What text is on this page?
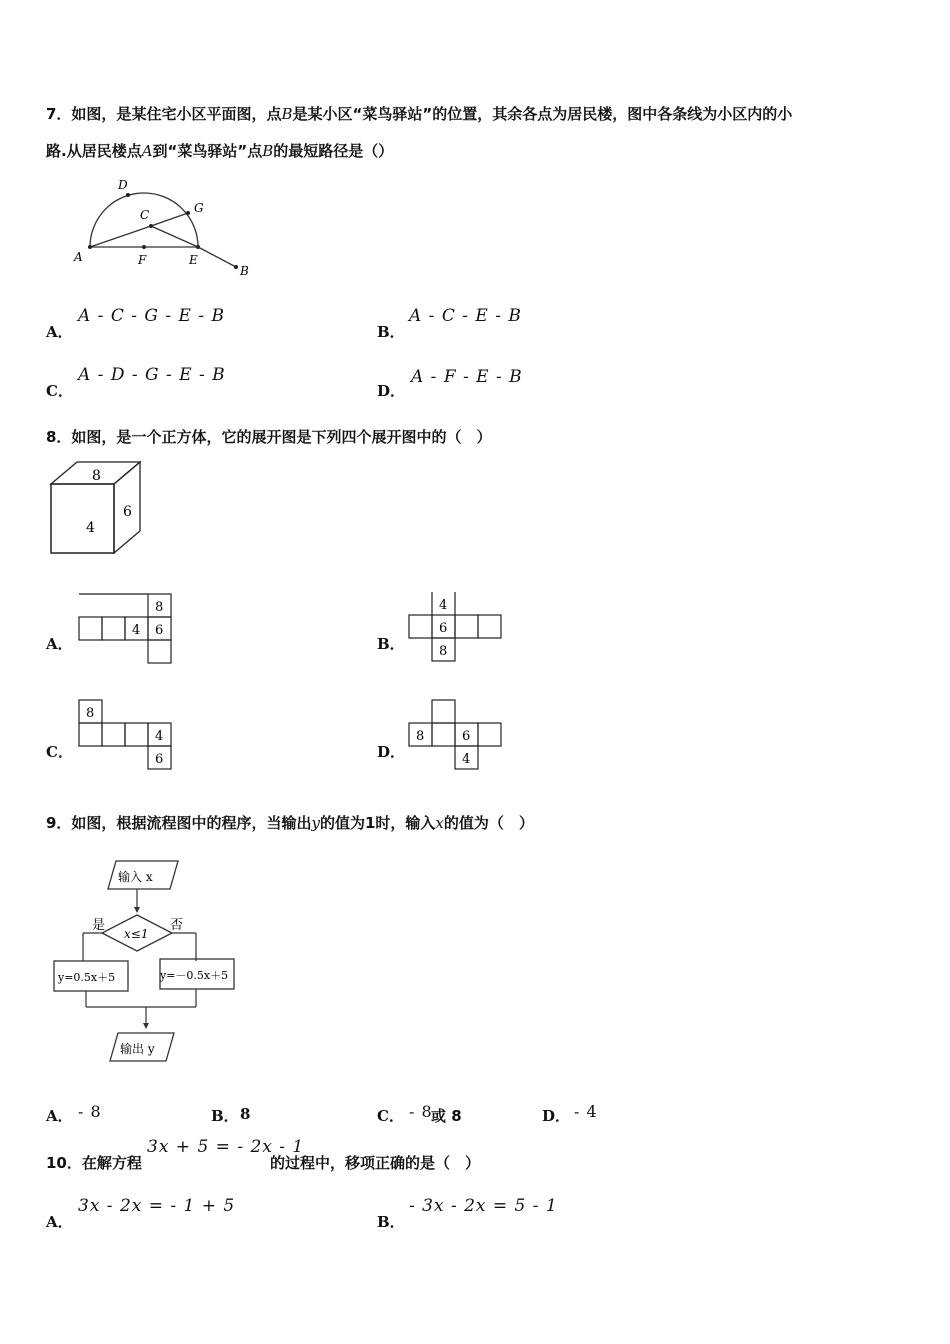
7．如图，是某住宅小区平面图，点B是某小区“菜鸟驿站”的位置，其余各点为居民楼，图中各条线为小区内的小
路.从居民楼点A到“菜鸟驿站”点B的最短路径是（）
D
C	G
A	F	E
B
A．
A - C - G - E - B
B．
A - C - E - B
C．
A - D - G - E - B
D．
A - F - E - B
8．如图，是一个正方体，它的展开图是下列四个展开图中的（　）
8
4
6
A．
8
4 6
B．
4
6
8
C．
8
4
6	D．
8	6
4
9．如图，根据流程图中的程序，当输出y的值为1时，输入x的值为（　）
输入 x
x≤1
是	否
y=0.5x＋5	y=－0.5x＋5
输出 y
A． - 8	B． 8	C． - 8
或 8	D． - 4
10．在解方程
3x + 5 = - 2x - 1
的过程中，移项正确的是（　）
A．
3x - 2x = - 1 + 5
B．
- 3x - 2x = 5 - 1
